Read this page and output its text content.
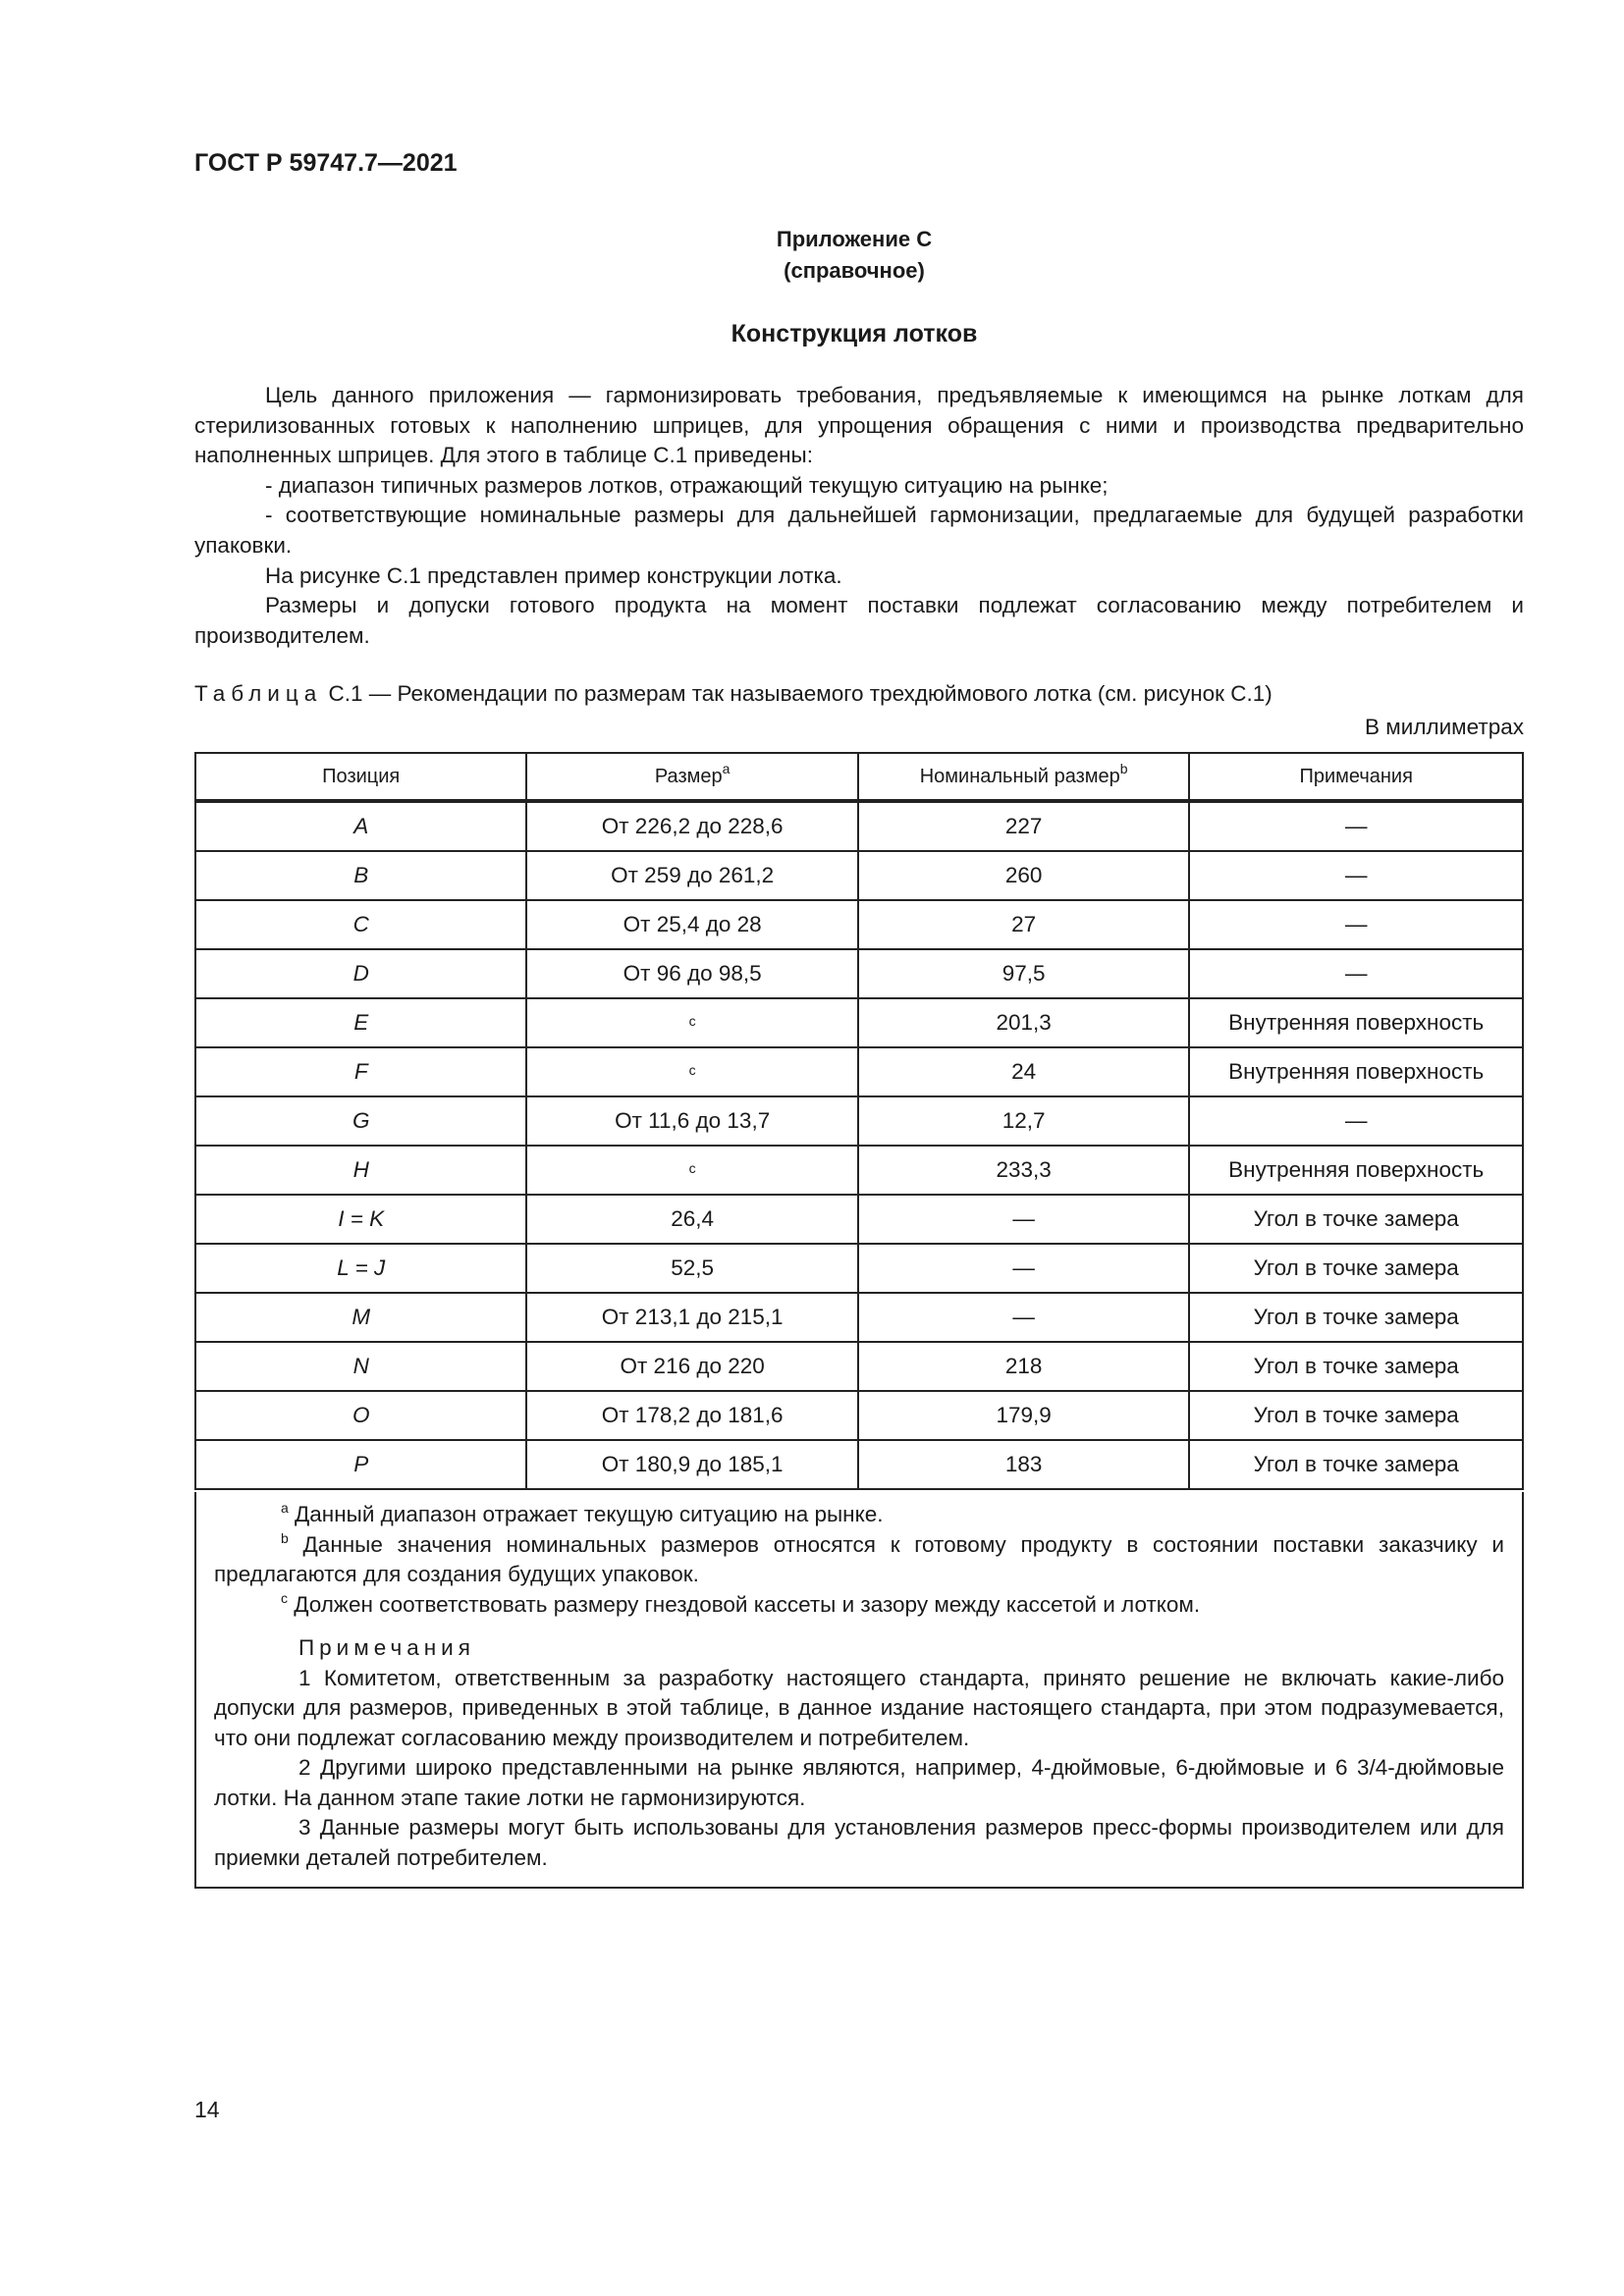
ГОСТ Р 59747.7—2021
Приложение С
(справочное)
Конструкция лотков

Цель данного приложения — гармонизировать требования, предъявляемые к имеющимся на рынке лоткам для стерилизованных готовых к наполнению шприцев, для упрощения обращения с ними и производства предварительно наполненных шприцев. Для этого в таблице С.1 приведены:

- диапазон типичных размеров лотков, отражающий текущую ситуацию на рынке;

- соответствующие номинальные размеры для дальнейшей гармонизации, предлагаемые для будущей разработки упаковки.

На рисунке С.1 представлен пример конструкции лотка.

Размеры и допуски готового продукта на момент поставки подлежат согласованию между потребителем и производителем.

Таблица С.1 — Рекомендации по размерам так называемого трехдюймового лотка (см. рисунок С.1)
В миллиметрах
Позиция	Размер$^a$	Номинальный размер$^b$	Примечания
A	От 226,2 до 228,6	227	—
B	От 259 до 261,2	260	—
C	От 25,4 до 28	27	—
D	От 96 до 98,5	97,5	—
E	$^c$	201,3	Внутренняя поверхность
F	$^c$	24	Внутренняя поверхность
G	От 11,6 до 13,7	12,7	—
H	$^c$	233,3	Внутренняя поверхность
I = K	26,4	—	Угол в точке замера
L = J	52,5	—	Угол в точке замера
M	От 213,1 до 215,1	—	Угол в точке замера
N	От 216 до 220	218	Угол в точке замера
O	От 178,2 до 181,6	179,9	Угол в точке замера
P	От 180,9 до 185,1	183	Угол в точке замера

$^a$ Данный диапазон отражает текущую ситуацию на рынке.

$^b$ Данные значения номинальных размеров относятся к готовому продукту в состоянии поставки заказчику и предлагаются для создания будущих упаковок.

$^c$ Должен соответствовать размеру гнездовой кассеты и зазору между кассетой и лотком.

Примечания

1 Комитетом, ответственным за разработку настоящего стандарта, принято решение не включать какие-либо допуски для размеров, приведенных в этой таблице, в данное издание настоящего стандарта, при этом подразумевается, что они подлежат согласованию между производителем и потребителем.

2 Другими широко представленными на рынке являются, например, 4-дюймовые, 6-дюймовые и 6 3/4-дюймовые лотки. На данном этапе такие лотки не гармонизируются.

3 Данные размеры могут быть использованы для установления размеров пресс-формы производителем или для приемки деталей потребителем.

14
